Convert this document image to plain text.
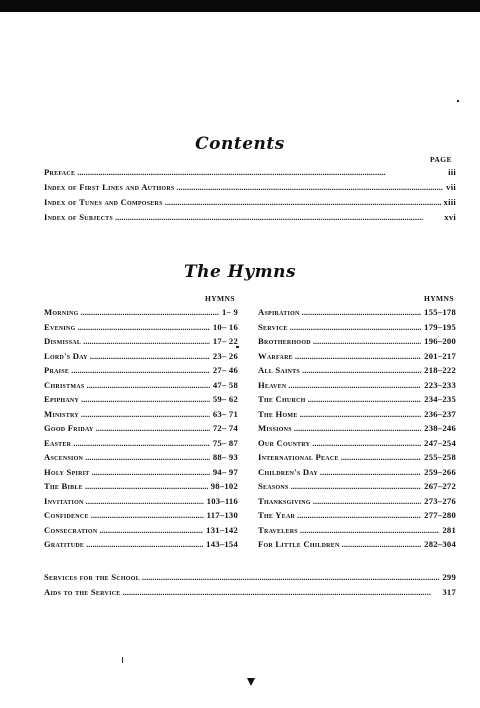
Contents
PAGE
Preface . . .	iii
Index of First Lines and Authors . . .	vii
Index of Tunes and Composers . . .	xiii
Index of Subjects . . .	xvi
The Hymns
HYMNS	HYMNS
Morning . . .	1– 9
Evening . . .	10– 16
Dismissal . . .	17– 22
Lord's Day . . .	23– 26
Praise . . .	27– 46
Christmas . . .	47– 58
Epiphany . . .	59– 62
Ministry . . .	63– 71
Good Friday . . .	72– 74
Easter . . .	75– 87
Ascension . . .	88– 93
Holy Spirit . . .	94– 97
The Bible . . .	98–102
Invitation . . .	103–116
Confidence . . .	117–130
Consecration . . .	131–142
Gratitude . . .	143–154
Aspiration . . .	155–178
Service . . .	179–195
Brotherhood . . .	196–200
Warfare . . .	201–217
All Saints . . .	218–222
Heaven . . .	223–233
The Church . . .	234–235
The Home . . .	236–237
Missions . . .	238–246
Our Country . . .	247–254
International Peace . . .	255–258
Children's Day . . .	259–266
Seasons . . .	267–272
Thanksgiving . . .	273–276
The Year . . .	277–280
Travelers . . .	281
For Little Children . . .	282–304
Services for the School . . .	299
Aids to the Service . . .	317
